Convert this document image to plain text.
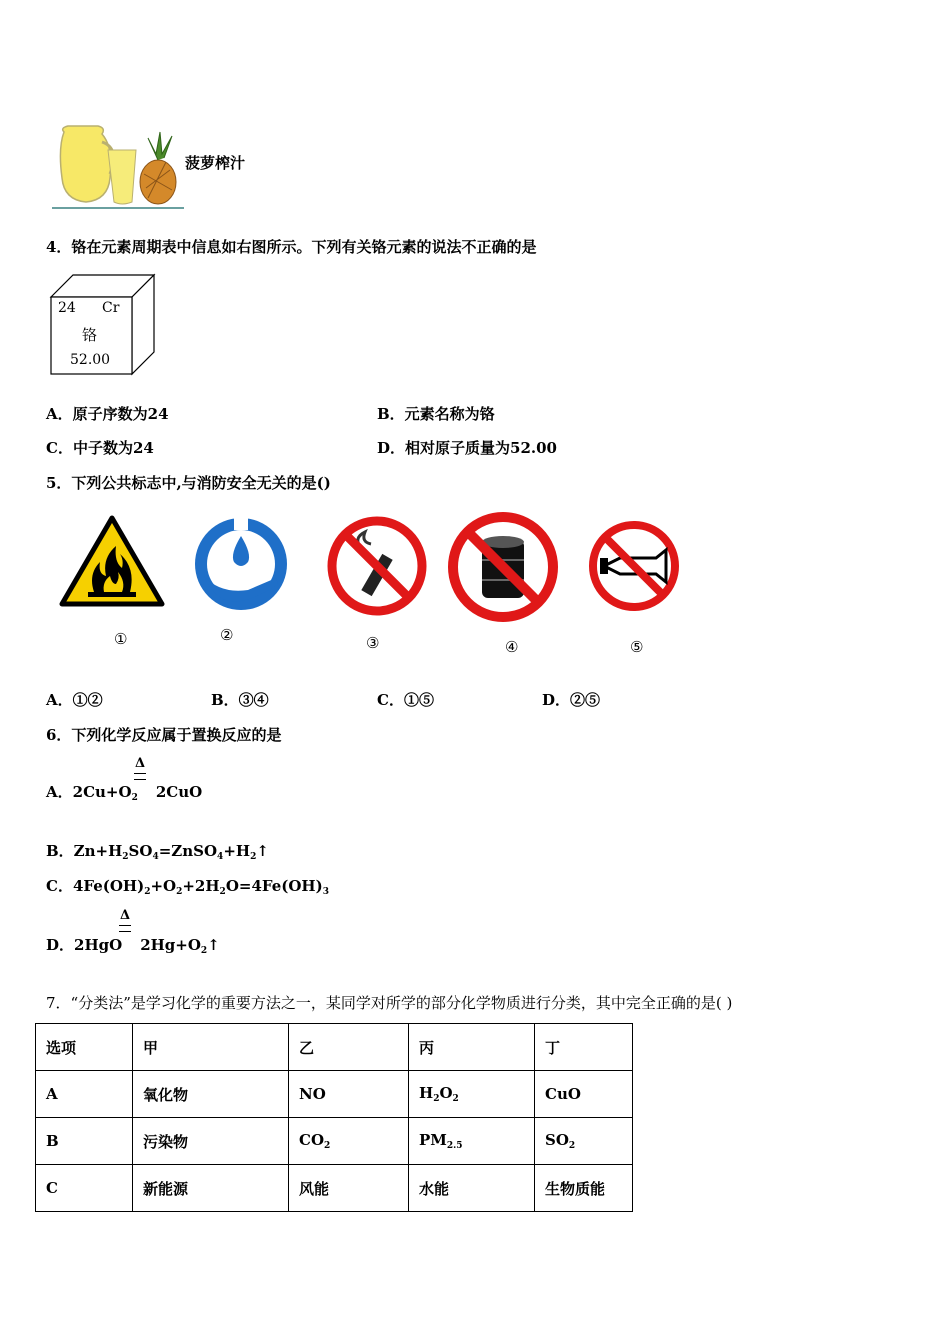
菠萝榨汁
4．铬在元素周期表中信息如右图所示。下列有关铬元素的说法不正确的是
24 Cr
铬
52.00
A．原子序数为24	B．元素名称为铬
C．中子数为24	D．相对原子质量为52.00
5．下列公共标志中,与消防安全无关的是()
①	②	③	④	⑤
A．①②	B．③④	C．①⑤	D．②⑤
6．下列化学反应属于置换反应的是
Δ
A．$2Cu+O_2$ 2CuO
B．$Zn+H_2SO_4=ZnSO_4+H_2↑$
C．$4Fe(OH)_2+O_2+2H_2O=4Fe(OH)_3$
Δ
D．2HgO $2Hg+O_2↑$
7．“分类法”是学习化学的重要方法之一，某同学对所学的部分化学物质进行分类，其中完全正确的是( )
选项	甲	乙	丙	丁
A	氧化物	NO	$H_2O_2$	CuO
B	污染物	$CO_2$	$PM_{2.5}$	$SO_2$
C	新能源	风能	水能	生物质能
